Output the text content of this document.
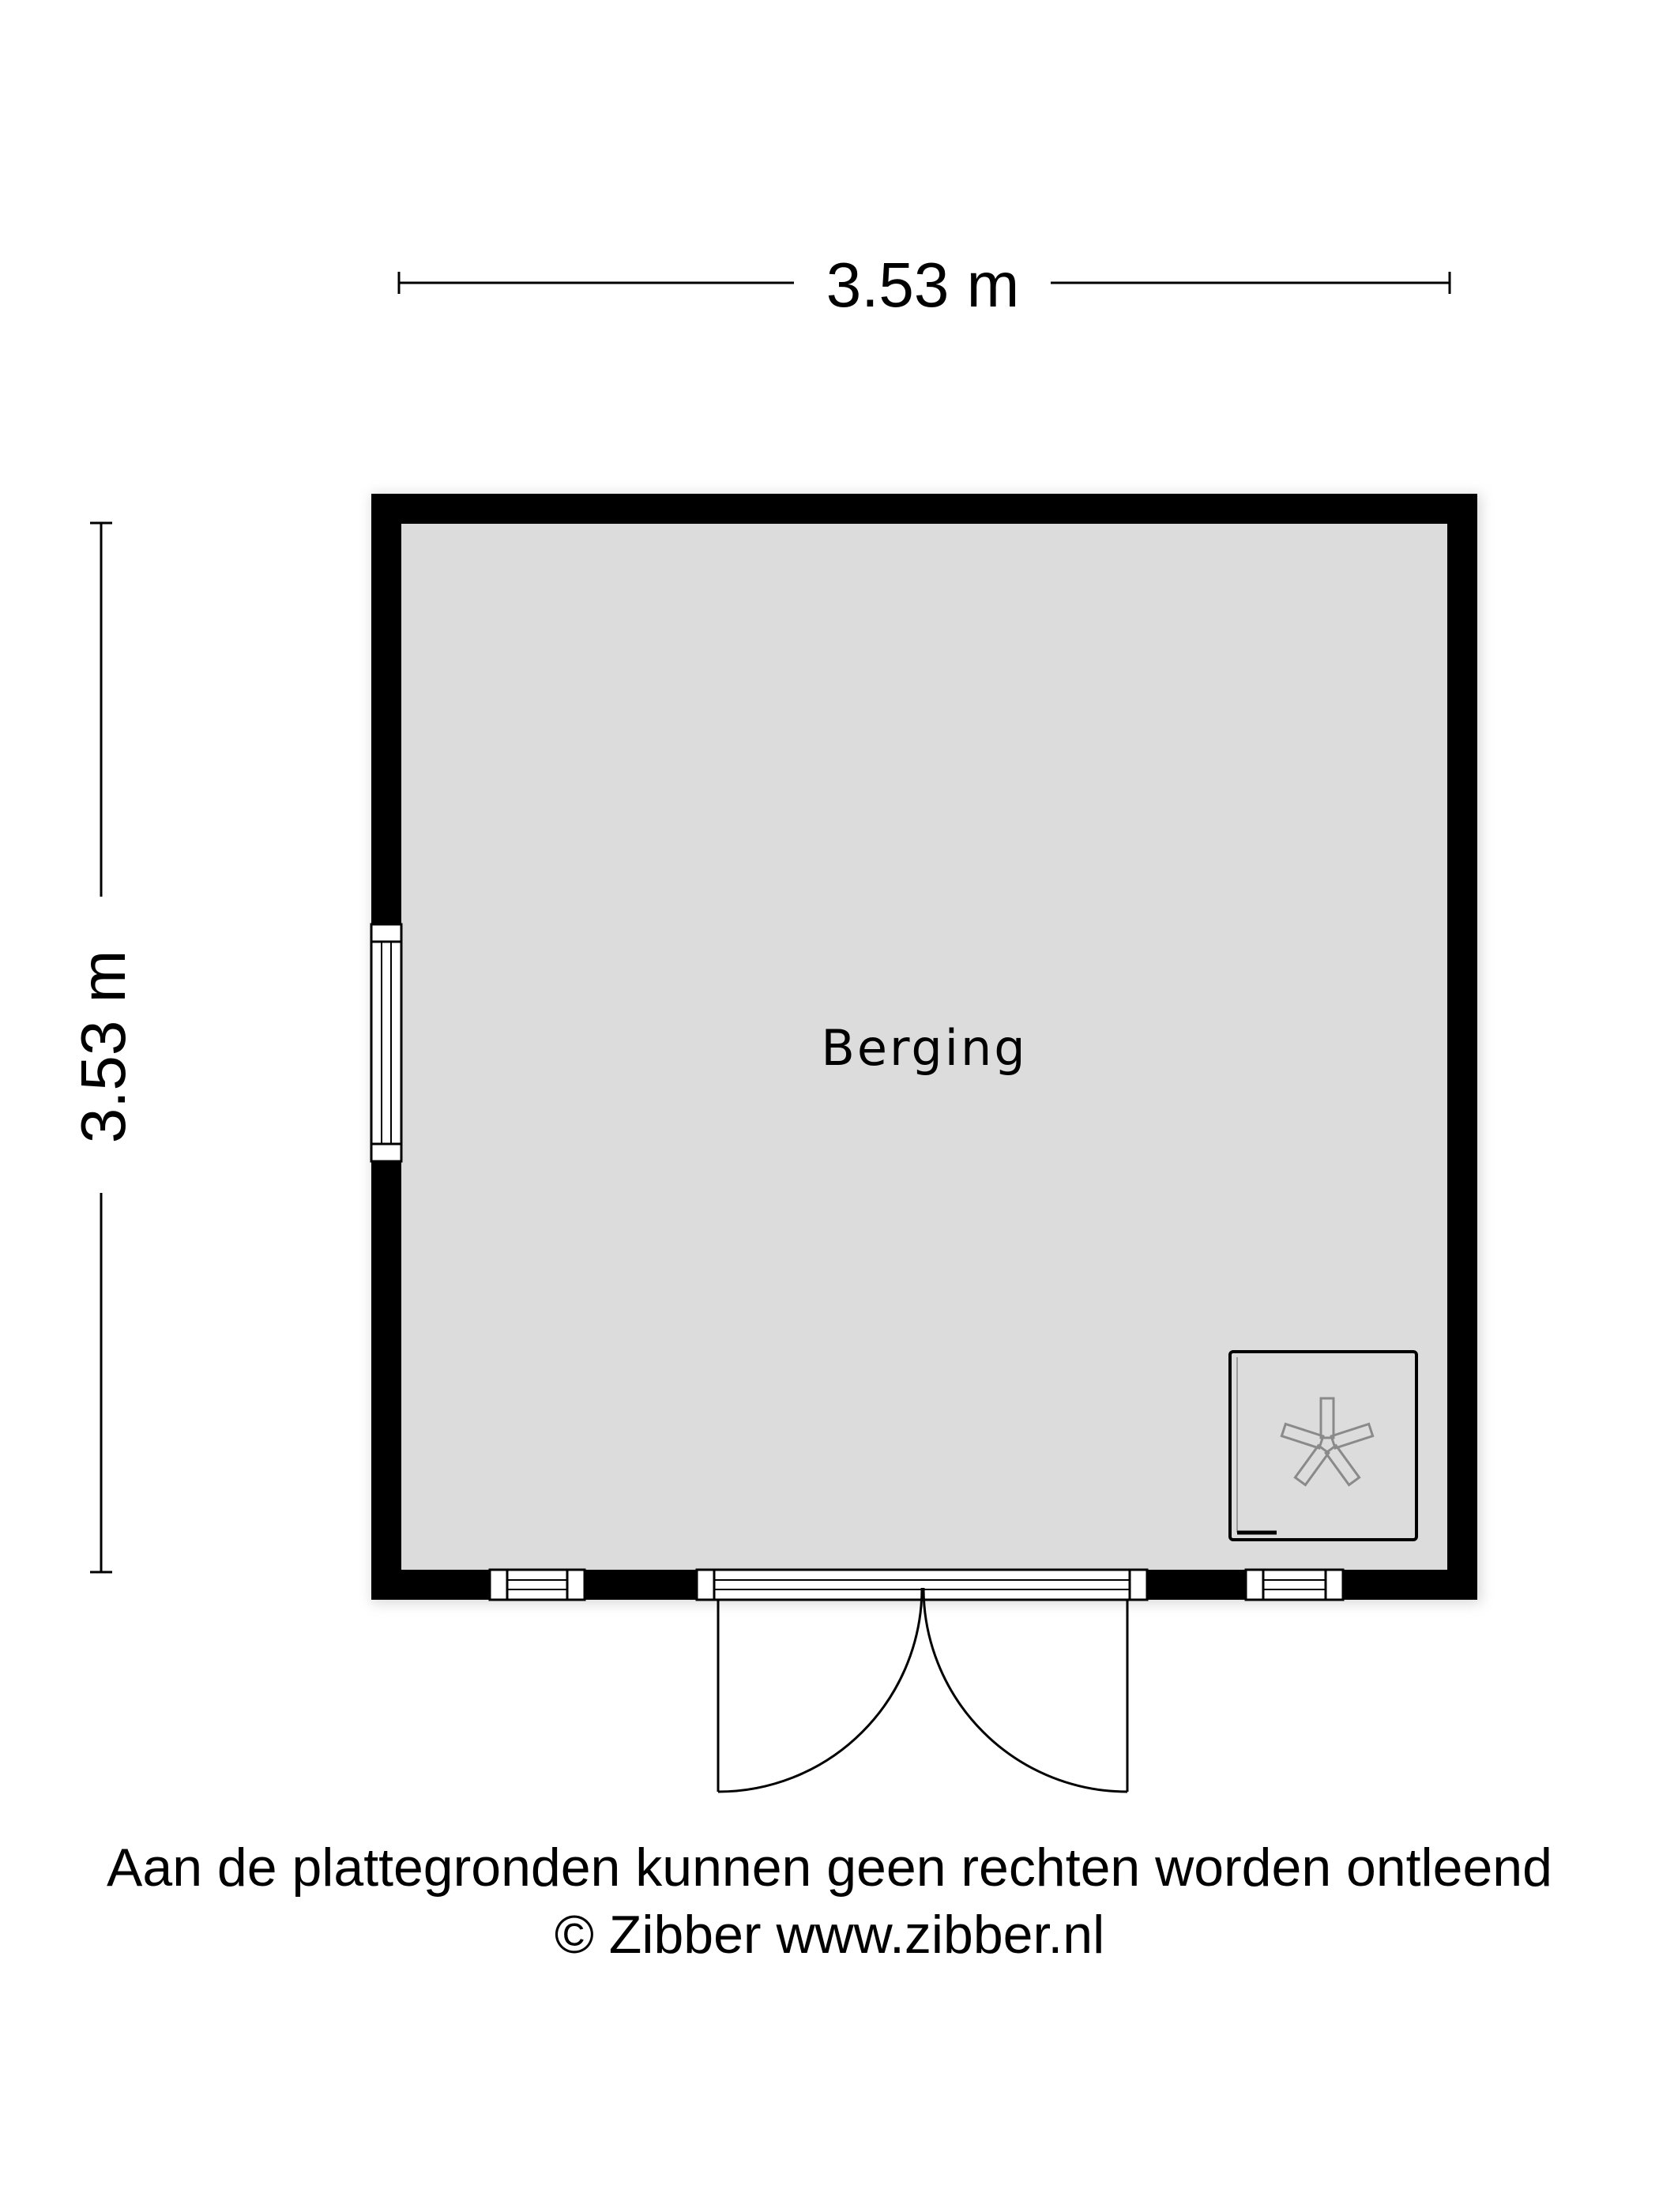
3.53 m
3.53 m	Berging
Aan de plattegronden kunnen geen rechten worden ontleend
© Zibber www.zibber.nl
